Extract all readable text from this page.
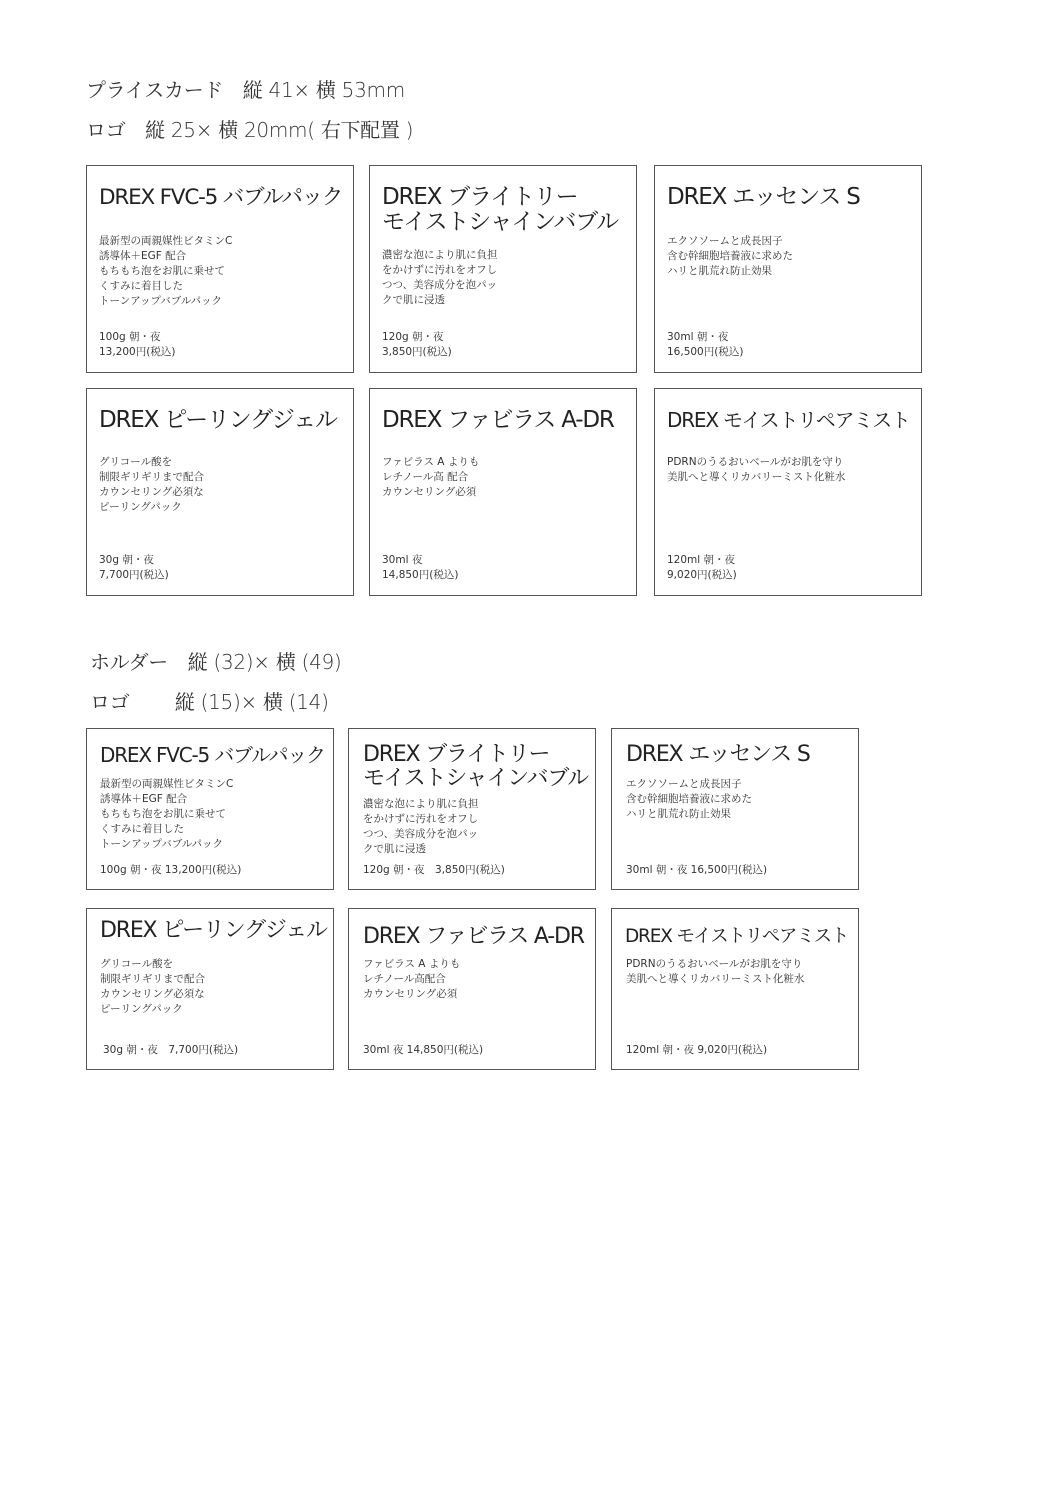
プライスカード　縦 41× 横 53mm
ロゴ　縦 25× 横 20mm( 右下配置 )
DREX FVC-5 バブルパック
最新型の両親媒性ビタミンC
誘導体＋EGF 配合
もちもち泡をお肌に乗せて
くすみに着目した
トーンアップバブルパック
100g 朝・夜
13,200円(税込)
DREX ブライトリー
モイストシャインバブル
濃密な泡により肌に負担
をかけずに汚れをオフし
つつ、美容成分を泡パッ
クで肌に浸透
120g 朝・夜
3,850円(税込)
DREX エッセンス S
エクソソームと成長因子
含む幹細胞培養液に求めた
ハリと肌荒れ防止効果
30ml 朝・夜
16,500円(税込)
DREX ピーリングジェル
グリコール酸を
制限ギリギリまで配合
カウンセリング必須な
ピーリングパック
30g 朝・夜
7,700円(税込)
DREX ファビラス A-DR
ファビラス A よりも
レチノール高 配合
カウンセリング必須
30ml 夜
14,850円(税込)
DREX モイストリペアミスト
PDRNのうるおいベールがお肌を守り
美肌へと導くリカバリーミスト化粧水
120ml 朝・夜
9,020円(税込)
ホルダー　縦 (32)× 横 (49)
ロゴ　　 縦 (15)× 横 (14)
DREX FVC-5 バブルパック
最新型の両親媒性ビタミンC
誘導体＋EGF 配合
もちもち泡をお肌に乗せて
くすみに着目した
トーンアップバブルパック
100g 朝・夜 13,200円(税込)
DREX ブライトリー
モイストシャインバブル
濃密な泡により肌に負担
をかけずに汚れをオフし
つつ、美容成分を泡パッ
クで肌に浸透
120g 朝・夜　3,850円(税込)
DREX エッセンス S
エクソソームと成長因子
含む幹細胞培養液に求めた
ハリと肌荒れ防止効果
30ml 朝・夜 16,500円(税込)
DREX ピーリングジェル
グリコール酸を
制限ギリギリまで配合
カウンセリング必須な
ピーリングパック
30g 朝・夜　7,700円(税込)
DREX ファビラス A-DR
ファビラス A よりも
レチノール高配合
カウンセリング必須
30ml 夜 14,850円(税込)
DREX モイストリペアミスト
PDRNのうるおいベールがお肌を守り
美肌へと導くリカバリーミスト化粧水
120ml 朝・夜 9,020円(税込)
